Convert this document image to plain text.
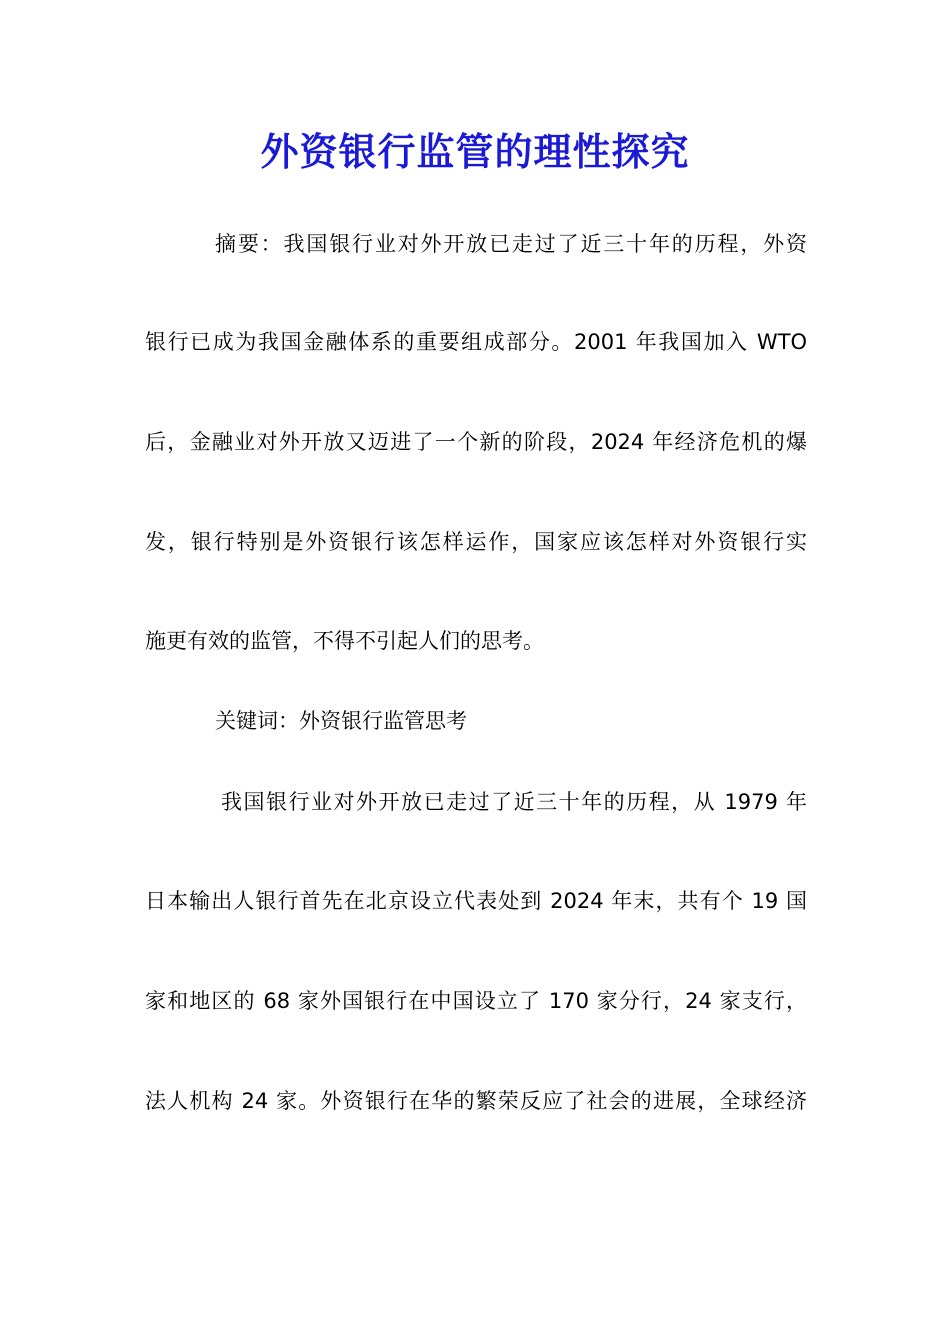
外资银行监管的理性探究
摘要：我国银行业对外开放已走过了近三十年的历程，外资
银行已成为我国金融体系的重要组成部分。2001 年我国加入 WTO
后，金融业对外开放又迈进了一个新的阶段，2024 年经济危机的爆
发，银行特别是外资银行该怎样运作，国家应该怎样对外资银行实
施更有效的监管，不得不引起人们的思考。
关键词：外资银行监管思考
我国银行业对外开放已走过了近三十年的历程，从 1979 年
日本输出人银行首先在北京设立代表处到 2024 年末，共有个 19 国
家和地区的 68 家外国银行在中国设立了 170 家分行，24 家支行，
法人机构 24 家。外资银行在华的繁荣反应了社会的进展，全球经济
